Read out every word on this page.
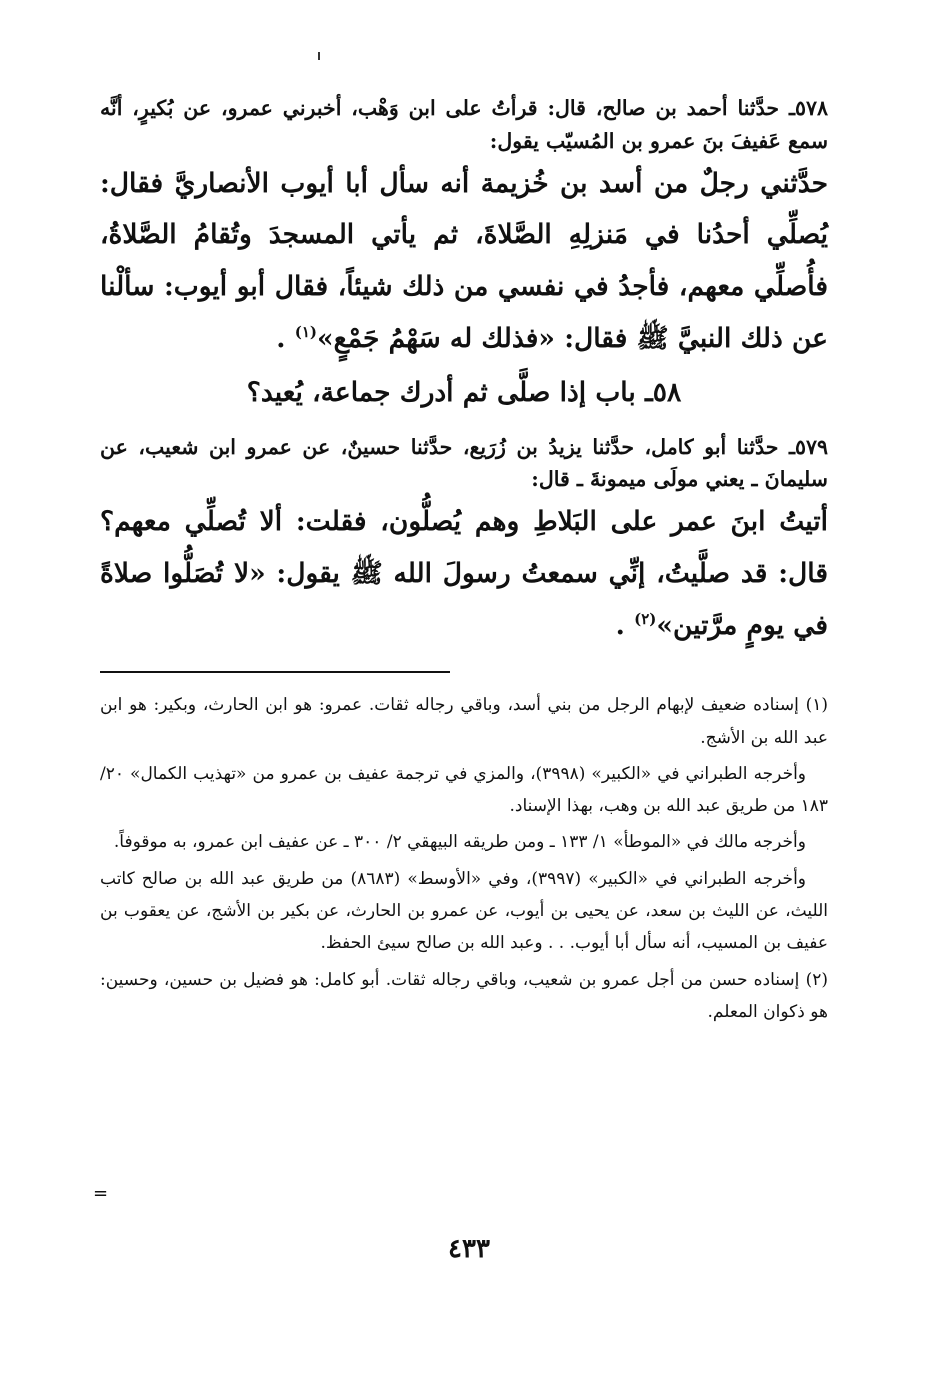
٥٧٨ـ حدَّثنا أحمد بن صالح، قال: قرأتُ على ابن وَهْب، أخبرني عمرو، عن بُكيرٍ، أنَّه سمع عَفيفَ بنَ عمرو بن المُسيّب يقول:

حدَّثني رجلٌ من أسد بن خُزيمة أنه سأل أبا أيوب الأنصاريَّ فقال: يُصلِّي أحدُنا في مَنزلِهِ الصَّلاةَ، ثم يأتي المسجدَ وتُقامُ الصَّلاةُ، فأُصلِّي معهم، فأجدُ في نفسي من ذلك شيئاً، فقال أبو أيوب: سألْنا عن ذلك النبيَّ ﷺ فقال: «فذلك له سَهْمُ جَمْعٍ»$^{(١)}$ .

٥٨ـ باب إذا صلَّى ثم أدرك جماعة، يُعيد؟

٥٧٩ـ حدَّثنا أبو كامل، حدَّثنا يزيدُ بن زُرَيع، حدَّثنا حسينٌ، عن عمرو ابن شعيب، عن سليمانَ ـ يعني مولَى ميمونةَ ـ قال:

أتيتُ ابنَ عمر على البَلاطِ وهم يُصلُّون، فقلت: ألا تُصلِّي معهم؟ قال: قد صلَّيتُ، إنِّي سمعتُ رسولَ الله ﷺ يقول: «لا تُصَلُّوا صلاةً في يومٍ مرَّتين»$^{(٢)}$ .

(١) إسناده ضعيف لإبهام الرجل من بني أسد، وباقي رجاله ثقات. عمرو: هو ابن الحارث، وبكير: هو ابن عبد الله بن الأشج.

وأخرجه الطبراني في «الكبير» (٣٩٩٨)، والمزي في ترجمة عفيف بن عمرو من «تهذيب الكمال» ٢٠/ ١٨٣ من طريق عبد الله بن وهب، بهذا الإسناد.

وأخرجه مالك في «الموطأ» ١/ ١٣٣ ـ ومن طريقه البيهقي ٢/ ٣٠٠ ـ عن عفيف ابن عمرو، به موقوفاً.

وأخرجه الطبراني في «الكبير» (٣٩٩٧)، وفي «الأوسط» (٨٦٨٣) من طريق عبد الله بن صالح كاتب الليث، عن الليث بن سعد، عن يحيى بن أيوب، عن عمرو بن الحارث، عن بكير بن الأشج، عن يعقوب بن عفيف بن المسيب، أنه سأل أبا أيوب. . . وعبد الله بن صالح سيئ الحفظ.

(٢) إسناده حسن من أجل عمرو بن شعيب، وباقي رجاله ثقات. أبو كامل: هو فضيل بن حسين، وحسين: هو ذكوان المعلم.

=
٤٣٣
